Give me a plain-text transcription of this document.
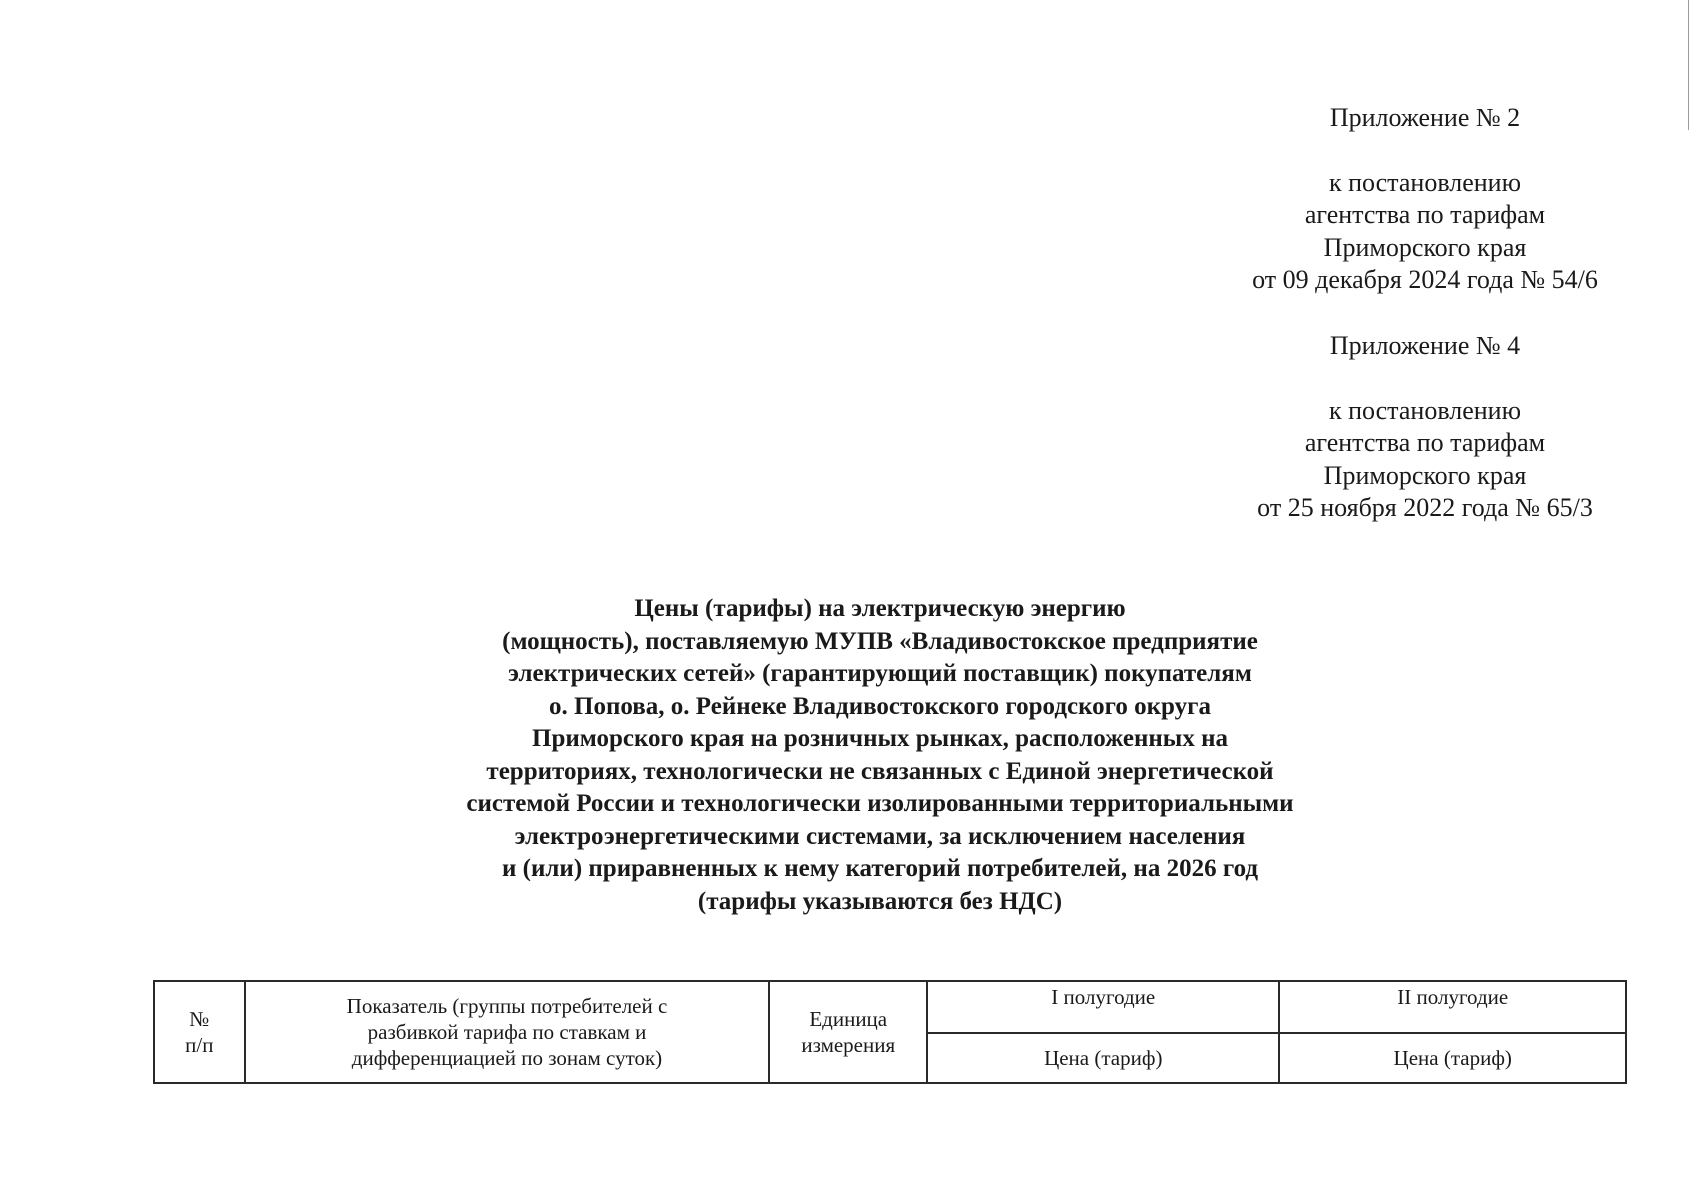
Приложение № 2
к постановлению
агентства по тарифам
Приморского края
от 09 декабря 2024 года № 54/6
Приложение № 4
к постановлению
агентства по тарифам
Приморского края
от 25 ноября 2022 года № 65/3
Цены (тарифы) на электрическую энергию
(мощность), поставляемую МУПВ «Владивостокское предприятие
электрических сетей» (гарантирующий поставщик) покупателям
о. Попова, о. Рейнеке Владивостокского городского округа
Приморского края на розничных рынках, расположенных на
территориях, технологически не связанных с Единой энергетической
системой России и технологически изолированными территориальными
электроэнергетическими системами, за исключением населения
и (или) приравненных к нему категорий потребителей, на 2026 год
(тарифы указываются без НДС)
№
п/п	Показатель (группы потребителей с
разбивкой тарифа по ставкам и
дифференциацией по зонам суток)	Единица
измерения	I полугодие	II полугодие
			Цена (тариф)	Цена (тариф)
